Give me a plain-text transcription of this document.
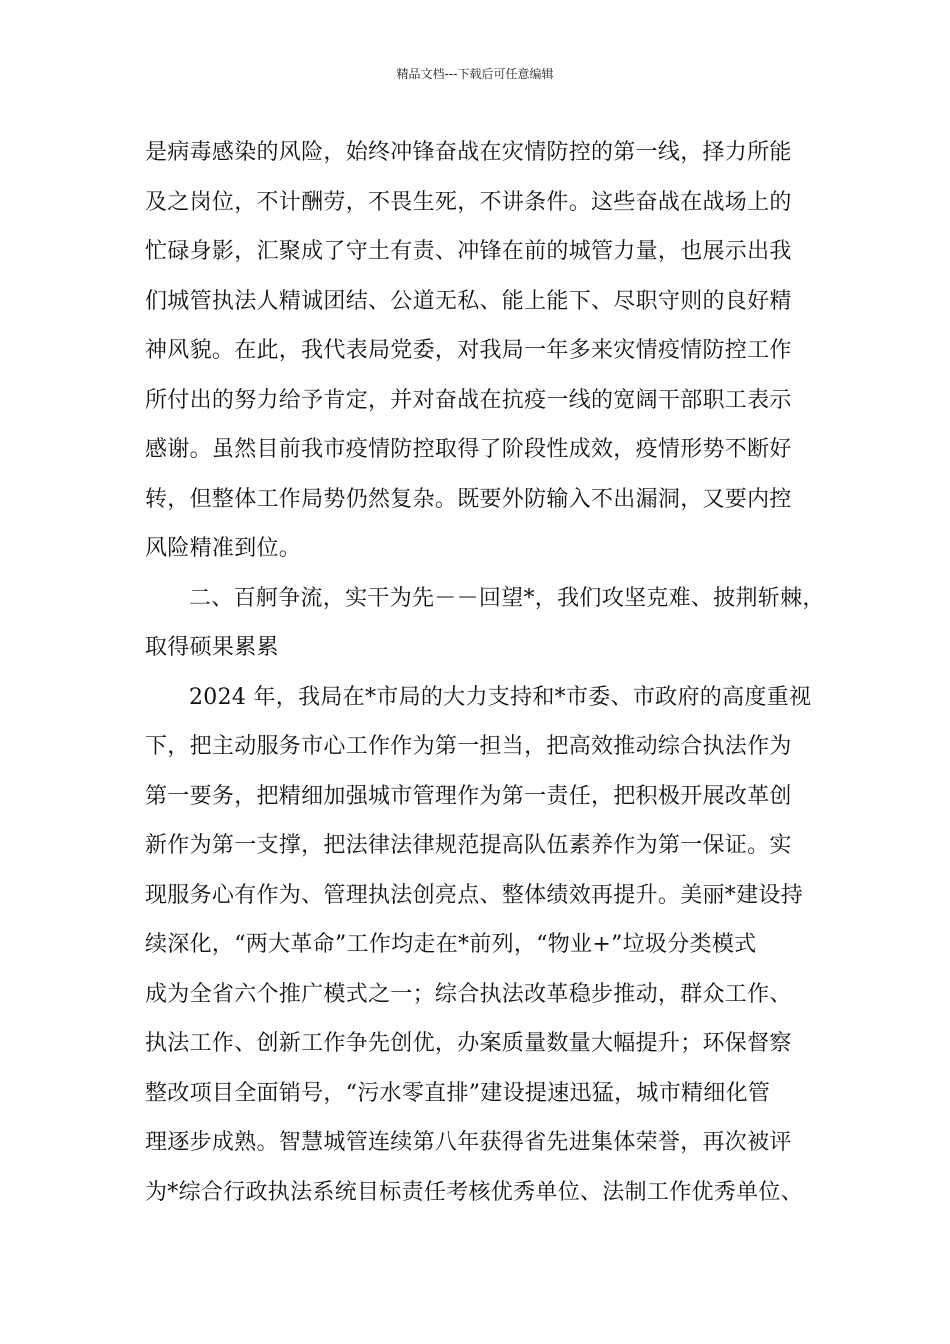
精品文档---下载后可任意编辑
是病毒感染的风险，始终冲锋奋战在灾情防控的第一线，择力所能
及之岗位，不计酬劳，不畏生死，不讲条件。这些奋战在战场上的
忙碌身影，汇聚成了守土有责、冲锋在前的城管力量，也展示出我
们城管执法人精诚团结、公道无私、能上能下、尽职守则的良好精
神风貌。在此，我代表局党委，对我局一年多来灾情疫情防控工作
所付出的努力给予肯定，并对奋战在抗疫一线的宽阔干部职工表示
感谢。虽然目前我市疫情防控取得了阶段性成效，疫情形势不断好
转，但整体工作局势仍然复杂。既要外防输入不出漏洞，又要内控
风险精准到位。
二、百舸争流，实干为先－－回望*，我们攻坚克难、披荆斩棘，
取得硕果累累
2024 年，我局在*市局的大力支持和*市委、市政府的高度重视
下，把主动服务市心工作作为第一担当，把高效推动综合执法作为
第一要务，把精细加强城市管理作为第一责任，把积极开展改革创
新作为第一支撑，把法律法律规范提高队伍素养作为第一保证。实
现服务心有作为、管理执法创亮点、整体绩效再提升。美丽*建设持
续深化，“两大革命”工作均走在*前列，“物业+”垃圾分类模式
成为全省六个推广模式之一；综合执法改革稳步推动，群众工作、
执法工作、创新工作争先创优，办案质量数量大幅提升；环保督察
整改项目全面销号，“污水零直排”建设提速迅猛，城市精细化管
理逐步成熟。智慧城管连续第八年获得省先进集体荣誉，再次被评
为*综合行政执法系统目标责任考核优秀单位、法制工作优秀单位、
